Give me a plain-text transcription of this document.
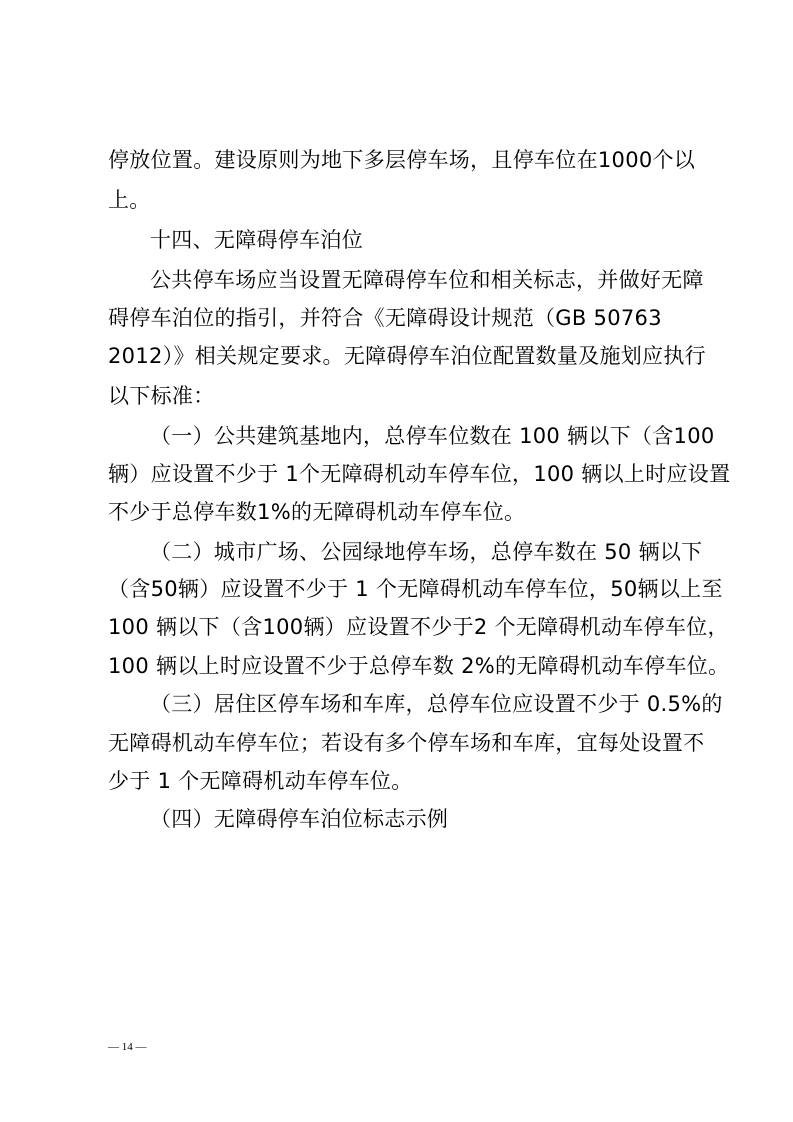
停放位置。建设原则为地下多层停车场，且停车位在1000个以
上。
十四、无障碍停车泊位
公共停车场应当设置无障碍停车位和相关标志，并做好无障
碍停车泊位的指引，并符合《无障碍设计规范（GB 50763
2012）》相关规定要求。无障碍停车泊位配置数量及施划应执行
以下标准：
（一）公共建筑基地内，总停车位数在 100 辆以下（含100
辆）应设置不少于 1个无障碍机动车停车位，100 辆以上时应设置
不少于总停车数1%的无障碍机动车停车位。
（二）城市广场、公园绿地停车场，总停车数在 50 辆以下
（含50辆）应设置不少于 1 个无障碍机动车停车位，50辆以上至
100 辆以下（含100辆）应设置不少于2 个无障碍机动车停车位，
100 辆以上时应设置不少于总停车数 2%的无障碍机动车停车位。
（三）居住区停车场和车库，总停车位应设置不少于 0.5%的
无障碍机动车停车位；若设有多个停车场和车库，宜每处设置不
少于 1 个无障碍机动车停车位。
（四）无障碍停车泊位标志示例
— 14 —
